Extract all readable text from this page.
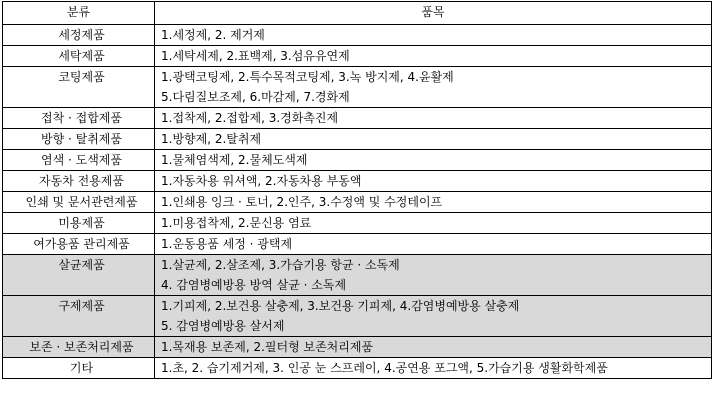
분류	품목
세정제품	1.세정제, 2. 제거제

세탁제품	1.세탁세제, 2.표백제, 3.섬유유연제

코팅제품	1.광택코팅제, 2.특수목적코팅제, 3.녹 방지제, 4.윤활제
5.다림질보조제, 6.마감제, 7.경화제

접착 · 접합제품	1.접착제, 2.접합제, 3.경화촉진제

방향 · 탈취제품	1.방향제, 2.탈취제

염색 · 도색제품	1.물체염색제, 2.물체도색제

자동차 전용제품	1.자동차용 워셔액, 2.자동차용 부동액

인쇄 및 문서관련제품	1.인쇄용 잉크 · 토너, 2.인주, 3.수정액 및 수정테이프

미용제품	1.미용접착제, 2.문신용 염료

여가용품 관리제품	1.운동용품 세정 · 광택제

살균제품	1.살균제, 2.살조제, 3.가습기용 항균 · 소독제
4. 감염병예방용 방역 살균 · 소독제

구제제품	1.기피제, 2.보건용 살충제, 3.보건용 기피제, 4.감염병예방용 살충제
5. 감염병예방용 살서제

보존 · 보존처리제품	1.목재용 보존제, 2.필터형 보존처리제품

기타	1.초, 2. 습기제거제, 3. 인공 눈 스프레이, 4.공연용 포그액, 5.가습기용 생활화학제품
